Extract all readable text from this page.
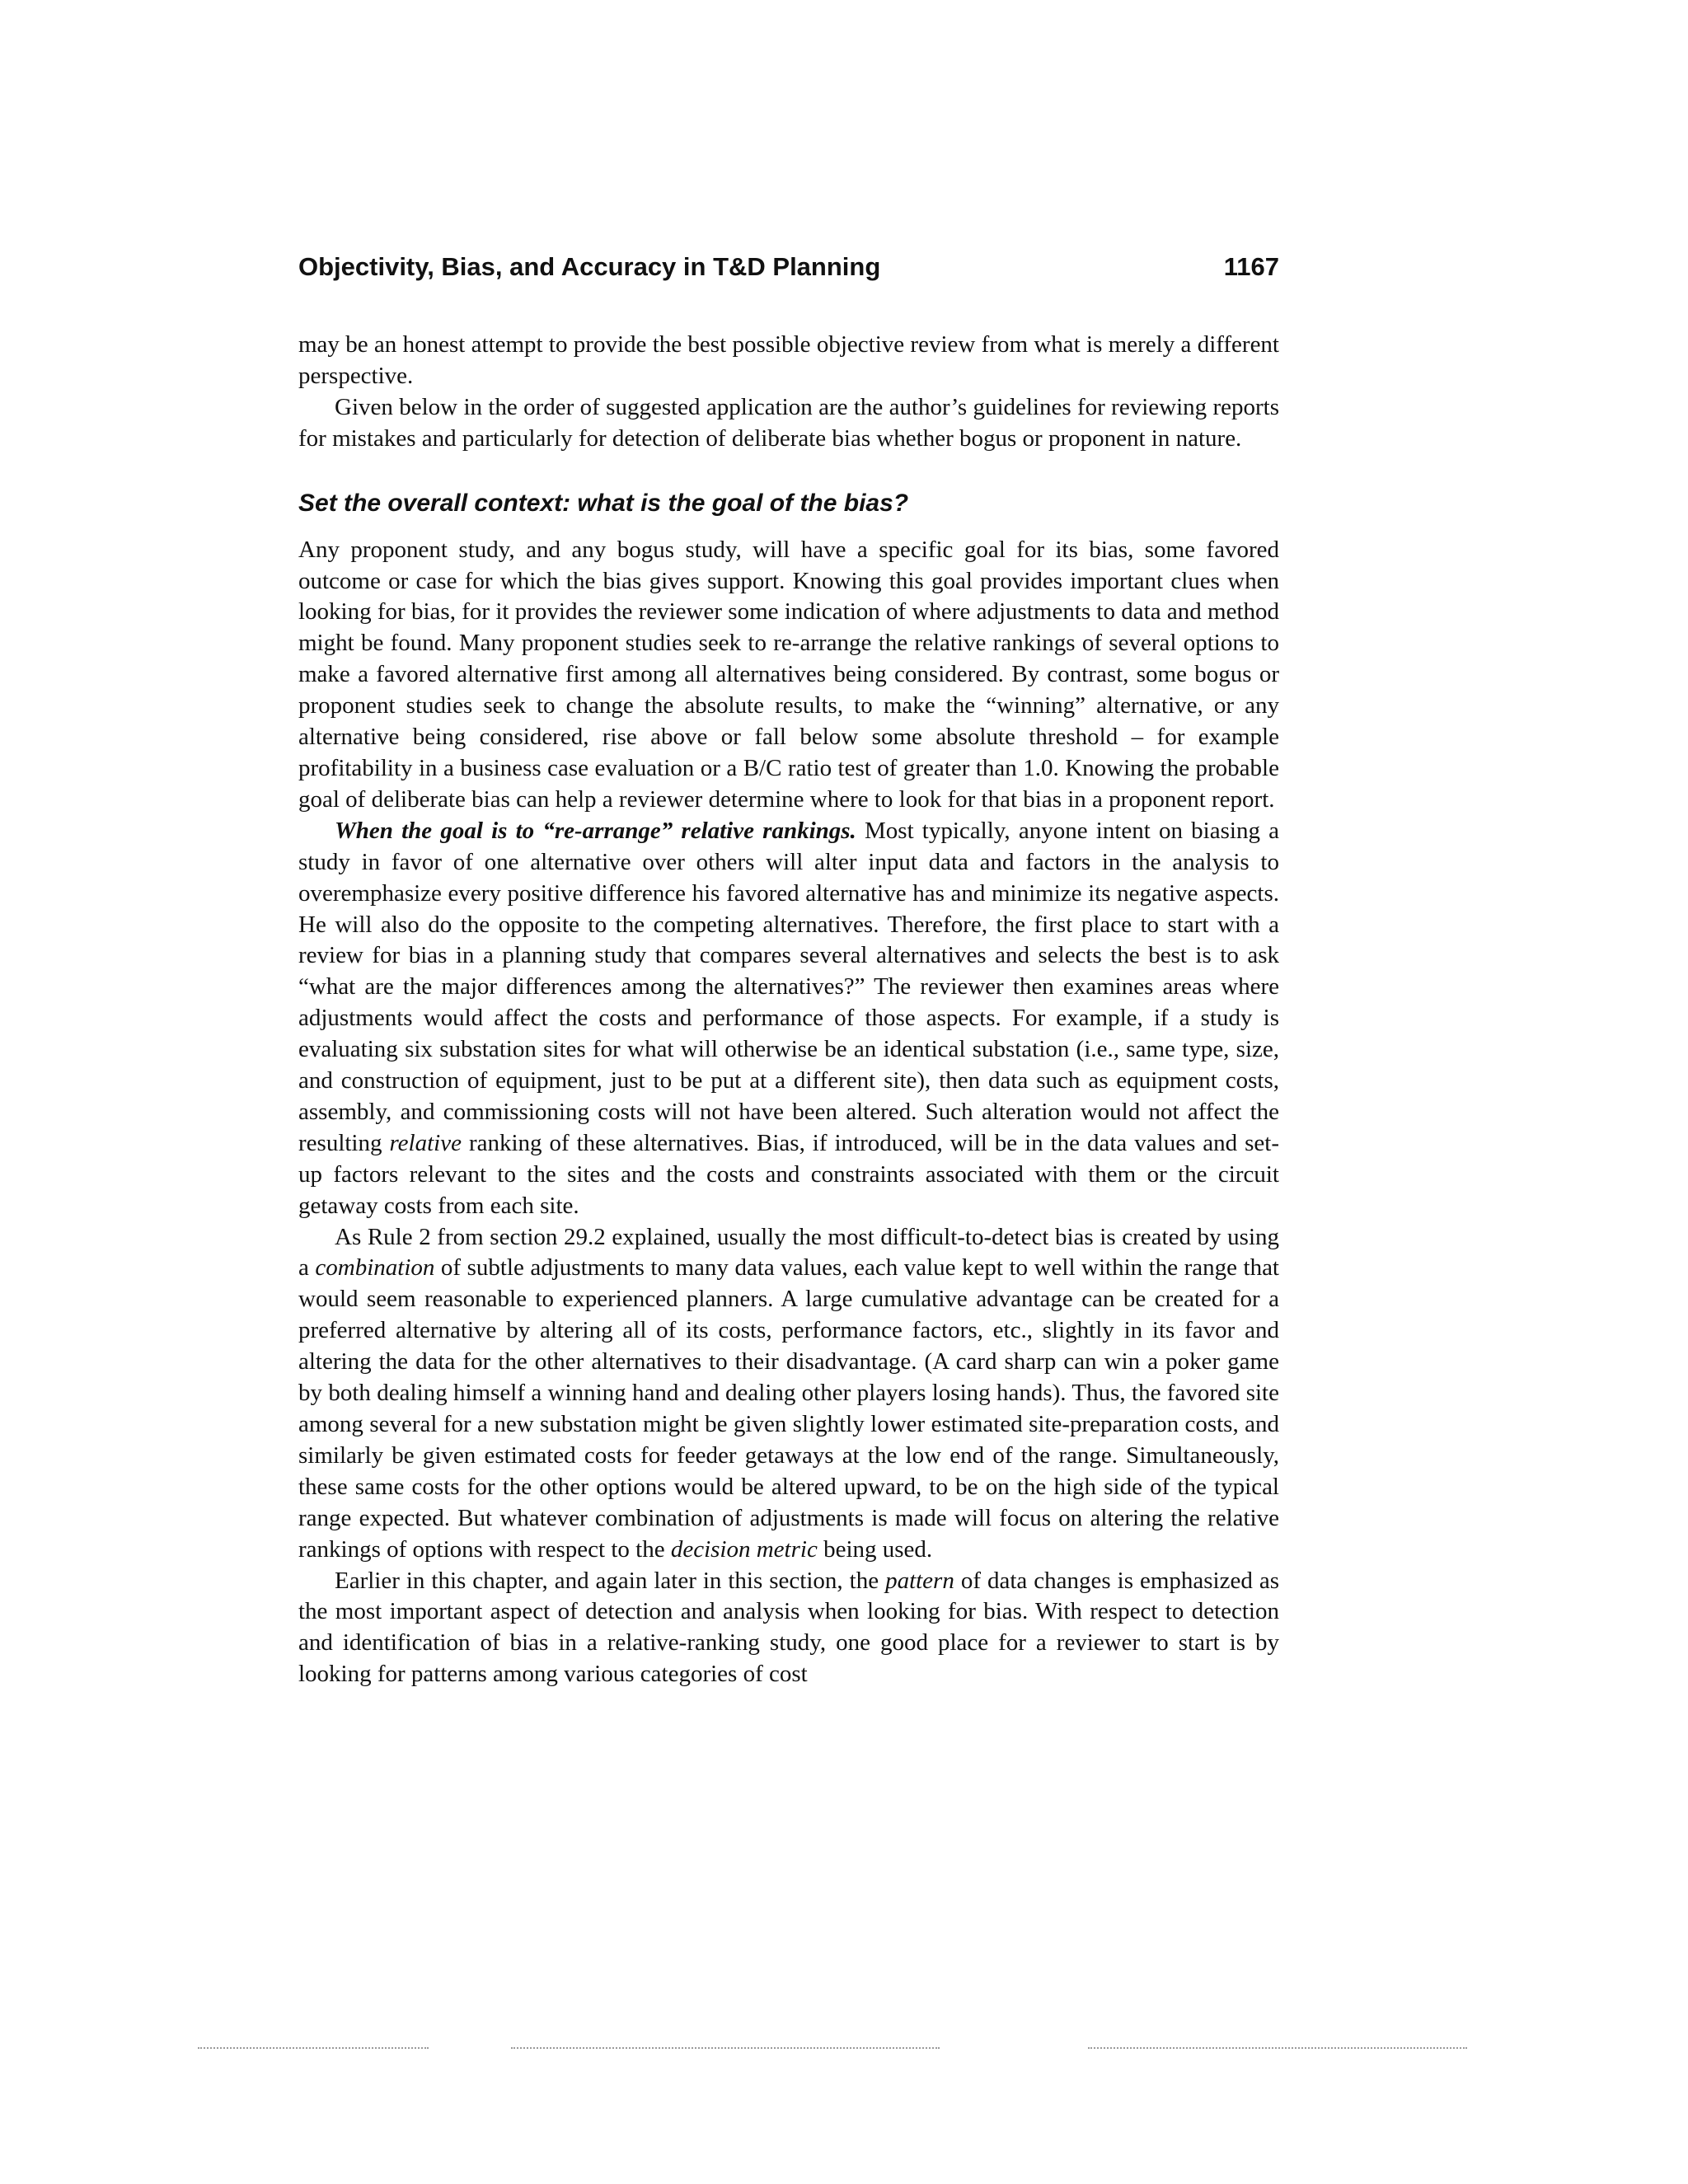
Objectivity, Bias, and Accuracy in T&D Planning	1167

may be an honest attempt to provide the best possible objective review from what is merely a different perspective.

Given below in the order of suggested application are the author’s guidelines for reviewing reports for mistakes and particularly for detection of deliberate bias whether bogus or proponent in nature.

Set the overall context: what is the goal of the bias?

Any proponent study, and any bogus study, will have a specific goal for its bias, some favored outcome or case for which the bias gives support. Knowing this goal provides important clues when looking for bias, for it provides the reviewer some indication of where adjustments to data and method might be found. Many proponent studies seek to re-arrange the relative rankings of several options to make a favored alternative first among all alternatives being considered. By contrast, some bogus or proponent studies seek to change the absolute results, to make the “winning” alternative, or any alternative being considered, rise above or fall below some absolute threshold – for example profitability in a business case evaluation or a B/C ratio test of greater than 1.0. Knowing the probable goal of deliberate bias can help a reviewer determine where to look for that bias in a proponent report.

When the goal is to “re-arrange” relative rankings. Most typically, anyone intent on biasing a study in favor of one alternative over others will alter input data and factors in the analysis to overemphasize every positive difference his favored alternative has and minimize its negative aspects. He will also do the opposite to the competing alternatives. Therefore, the first place to start with a review for bias in a planning study that compares several alternatives and selects the best is to ask “what are the major differences among the alternatives?” The reviewer then examines areas where adjustments would affect the costs and performance of those aspects. For example, if a study is evaluating six substation sites for what will otherwise be an identical substation (i.e., same type, size, and construction of equipment, just to be put at a different site), then data such as equipment costs, assembly, and commissioning costs will not have been altered. Such alteration would not affect the resulting relative ranking of these alternatives. Bias, if introduced, will be in the data values and set-up factors relevant to the sites and the costs and constraints associated with them or the circuit getaway costs from each site.

As Rule 2 from section 29.2 explained, usually the most difficult-to-detect bias is created by using a combination of subtle adjustments to many data values, each value kept to well within the range that would seem reasonable to experienced planners. A large cumulative advantage can be created for a preferred alternative by altering all of its costs, performance factors, etc., slightly in its favor and altering the data for the other alternatives to their disadvantage. (A card sharp can win a poker game by both dealing himself a winning hand and dealing other players losing hands). Thus, the favored site among several for a new substation might be given slightly lower estimated site-preparation costs, and similarly be given estimated costs for feeder getaways at the low end of the range. Simultaneously, these same costs for the other options would be altered upward, to be on the high side of the typical range expected. But whatever combination of adjustments is made will focus on altering the relative rankings of options with respect to the decision metric being used.

Earlier in this chapter, and again later in this section, the pattern of data changes is emphasized as the most important aspect of detection and analysis when looking for bias. With respect to detection and identification of bias in a relative-ranking study, one good place for a reviewer to start is by looking for patterns among various categories of cost
